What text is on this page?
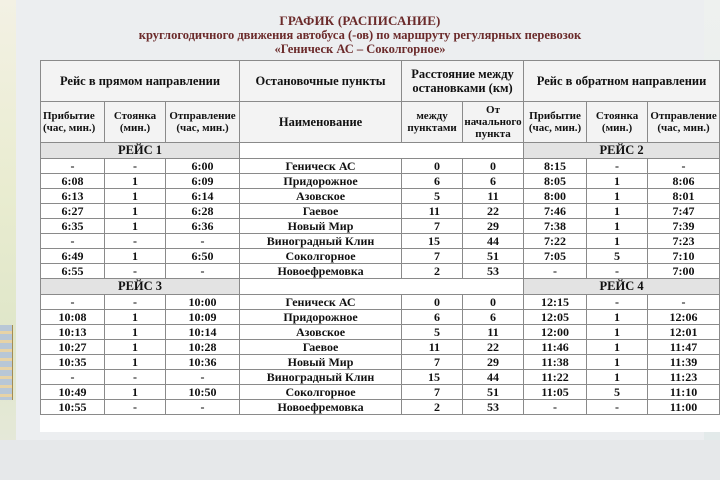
ГРАФИК (РАСПИСАНИЕ)
круглогодичного движения автобуса (-ов) по маршруту регулярных перевозок
«Геническ АС – Соколгорное»
Рейс в прямом направлении			Остановочные пункты	Расстояние между остановками (км)		Рейс в обратном направлении		
Прибытие (час, мин.)	Стоянка (мин.)	Отправление (час, мин.)	Наименование	между пунктами	От начального пункта	Прибытие (час, мин.)	Стоянка (мин.)	Отправление (час, мин.)
РЕЙС 1						РЕЙС 2		
-	-	6:00	Геническ АС	0	0	8:15	-	-
6:08	1	6:09	Придорожное	6	6	8:05	1	8:06
6:13	1	6:14	Азовское	5	11	8:00	1	8:01
6:27	1	6:28	Гаевое	11	22	7:46	1	7:47
6:35	1	6:36	Новый Мир	7	29	7:38	1	7:39
-	-	-	Виноградный Клин	15	44	7:22	1	7:23
6:49	1	6:50	Соколгорное	7	51	7:05	5	7:10
6:55	-	-	Новоефремовка	2	53	-	-	7:00
РЕЙС 3						РЕЙС 4		
-	-	10:00	Геническ АС	0	0	12:15	-	-
10:08	1	10:09	Придорожное	6	6	12:05	1	12:06
10:13	1	10:14	Азовское	5	11	12:00	1	12:01
10:27	1	10:28	Гаевое	11	22	11:46	1	11:47
10:35	1	10:36	Новый Мир	7	29	11:38	1	11:39
-	-	-	Виноградный Клин	15	44	11:22	1	11:23
10:49	1	10:50	Соколгорное	7	51	11:05	5	11:10
10:55	-	-	Новоефремовка	2	53	-	-	11:00
